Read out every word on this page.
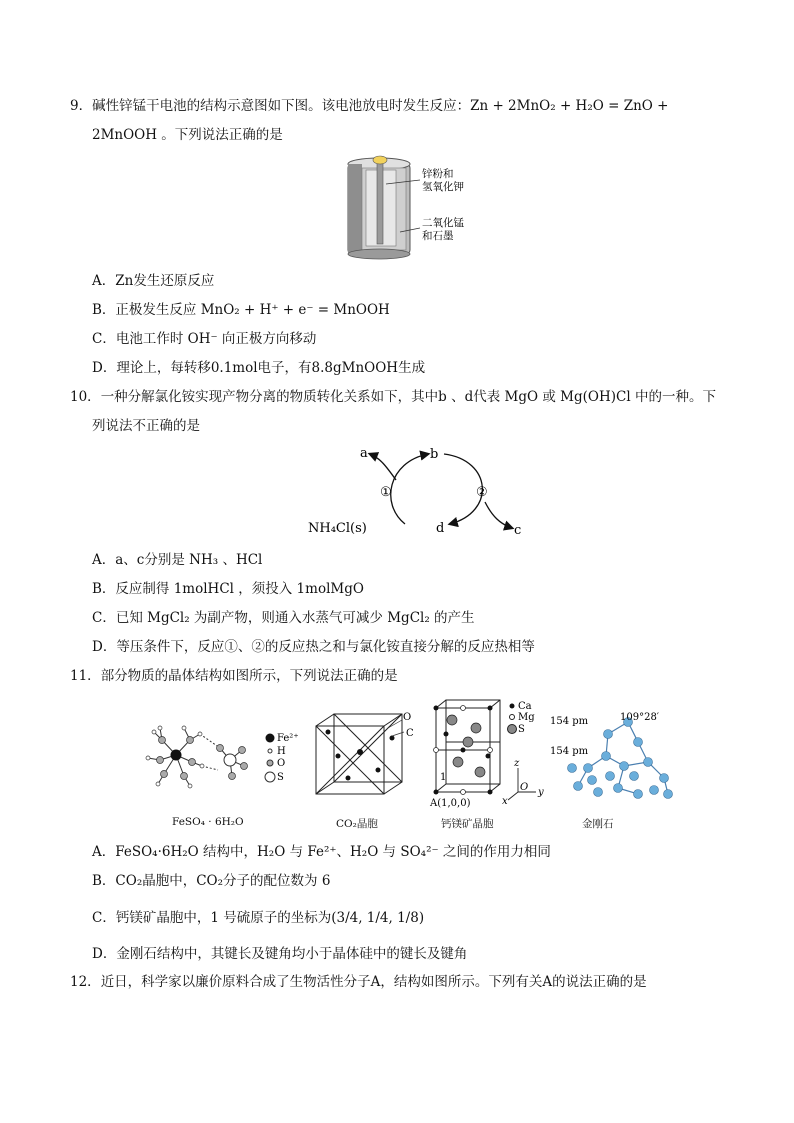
9．碱性锌锰干电池的结构示意图如下图。该电池放电时发生反应：Zn + 2MnO₂ + H₂O = ZnO +
2MnOOH 。下列说法正确的是
锌粉和
氢氧化钾
二氧化锰
和石墨
A．Zn发生还原反应
B．正极发生反应 MnO₂ + H⁺ + e⁻ = MnOOH
C．电池工作时 OH⁻ 向正极方向移动
D．理论上，每转移0.1mol电子，有8.8gMnOOH生成
10．一种分解氯化铵实现产物分离的物质转化关系如下，其中b 、d代表 MgO 或 Mg(OH)Cl 中的一种。下
列说法不正确的是
a	b
c
d
①	②
NH₄Cl(s)
A．a、c分别是 NH₃ 、HCl
B．反应制得 1molHCl ，须投入 1molMgO
C．已知 MgCl₂ 为副产物，则通入水蒸气可减少 MgCl₂ 的产生
D．等压条件下，反应①、②的反应热之和与氯化铵直接分解的反应热相等
11．部分物质的晶体结构如图所示，下列说法正确的是
Fe²⁺
H
O
S
FeSO₄ · 6H₂O
O
C
CO₂晶胞
1
A(1,0,0)
Ca
Mg
S
z
x
O y
钙镁矿晶胞
154 pm
154 pm
109°28′
金刚石
A．FeSO₄·6H₂O 结构中，H₂O 与 Fe²⁺、H₂O 与 SO₄²⁻ 之间的作用力相同
B．CO₂晶胞中，CO₂分子的配位数为 6
C．钙镁矿晶胞中，1 号硫原子的坐标为(3/4, 1/4, 1/8)
D．金刚石结构中，其键长及键角均小于晶体硅中的键长及键角
12．近日，科学家以廉价原料合成了生物活性分子A，结构如图所示。下列有关A的说法正确的是
